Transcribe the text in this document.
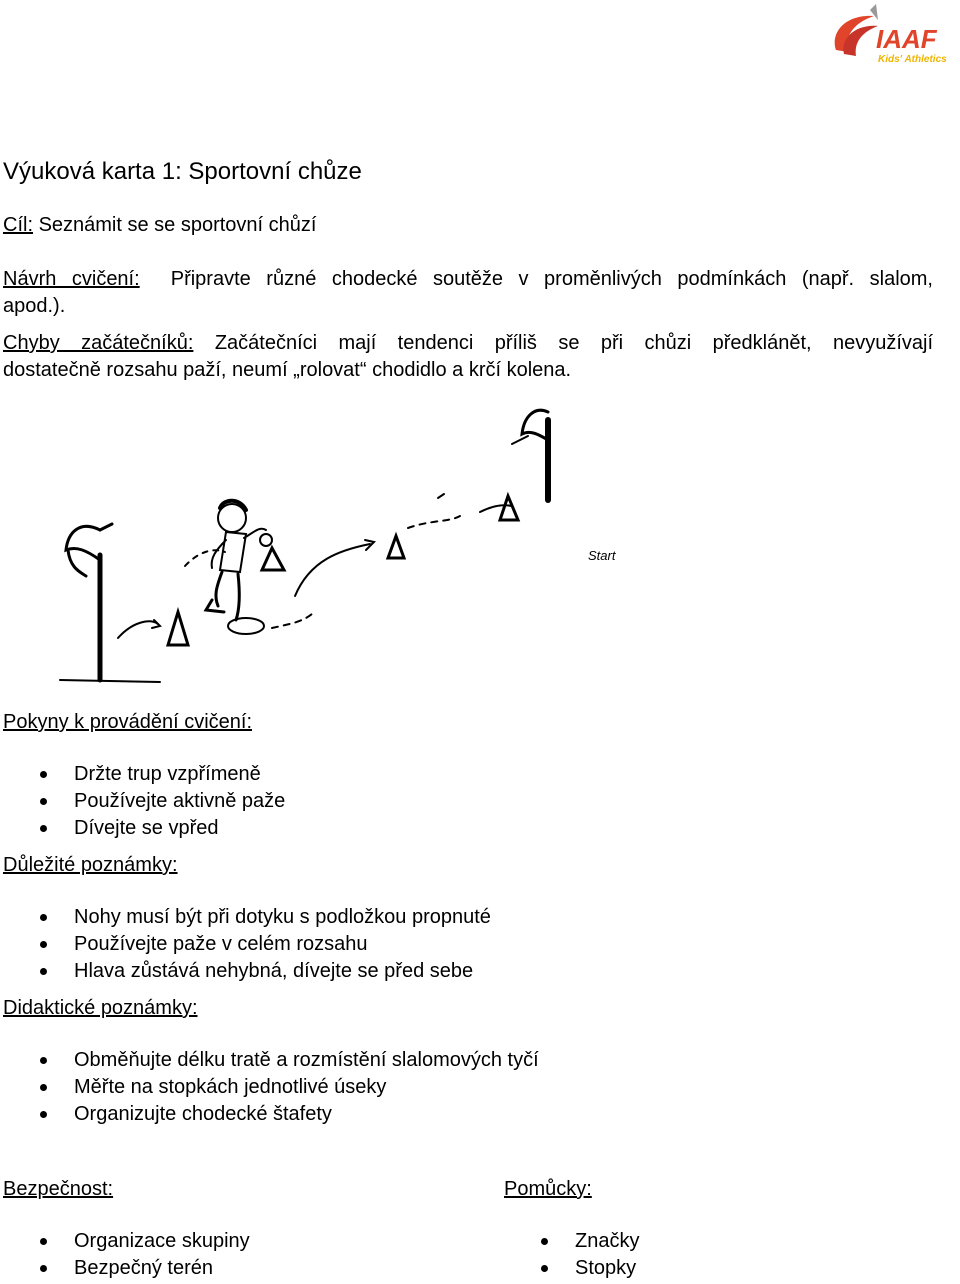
IAAF
Kids' Athletics
Výuková karta 1: Sportovní chůze
Cíl: Seznámit se se sportovní chůzí
Návrh cvičení: Připravte různé chodecké soutěže v proměnlivých podmínkách (např. slalom,
apod.).
Chyby začátečníků: Začátečníci mají tendenci příliš se při chůzi předklánět, nevyužívají
dostatečně rozsahu paží, neumí „rolovat“ chodidlo a krčí kolena.
Start
Pokyny k provádění cvičení:
Držte trup vzpřímeně
Používejte aktivně paže
Dívejte se vpřed
Důležité poznámky:
Nohy musí být při dotyku s podložkou propnuté
Používejte paže v celém rozsahu
Hlava zůstává nehybná, dívejte se před sebe
Didaktické poznámky:
Obměňujte délku tratě a rozmístění slalomových tyčí
Měřte na stopkách jednotlivé úseky
Organizujte chodecké štafety
Bezpečnost:
Organizace skupiny
Bezpečný terén
Pomůcky:
Značky
Stopky
